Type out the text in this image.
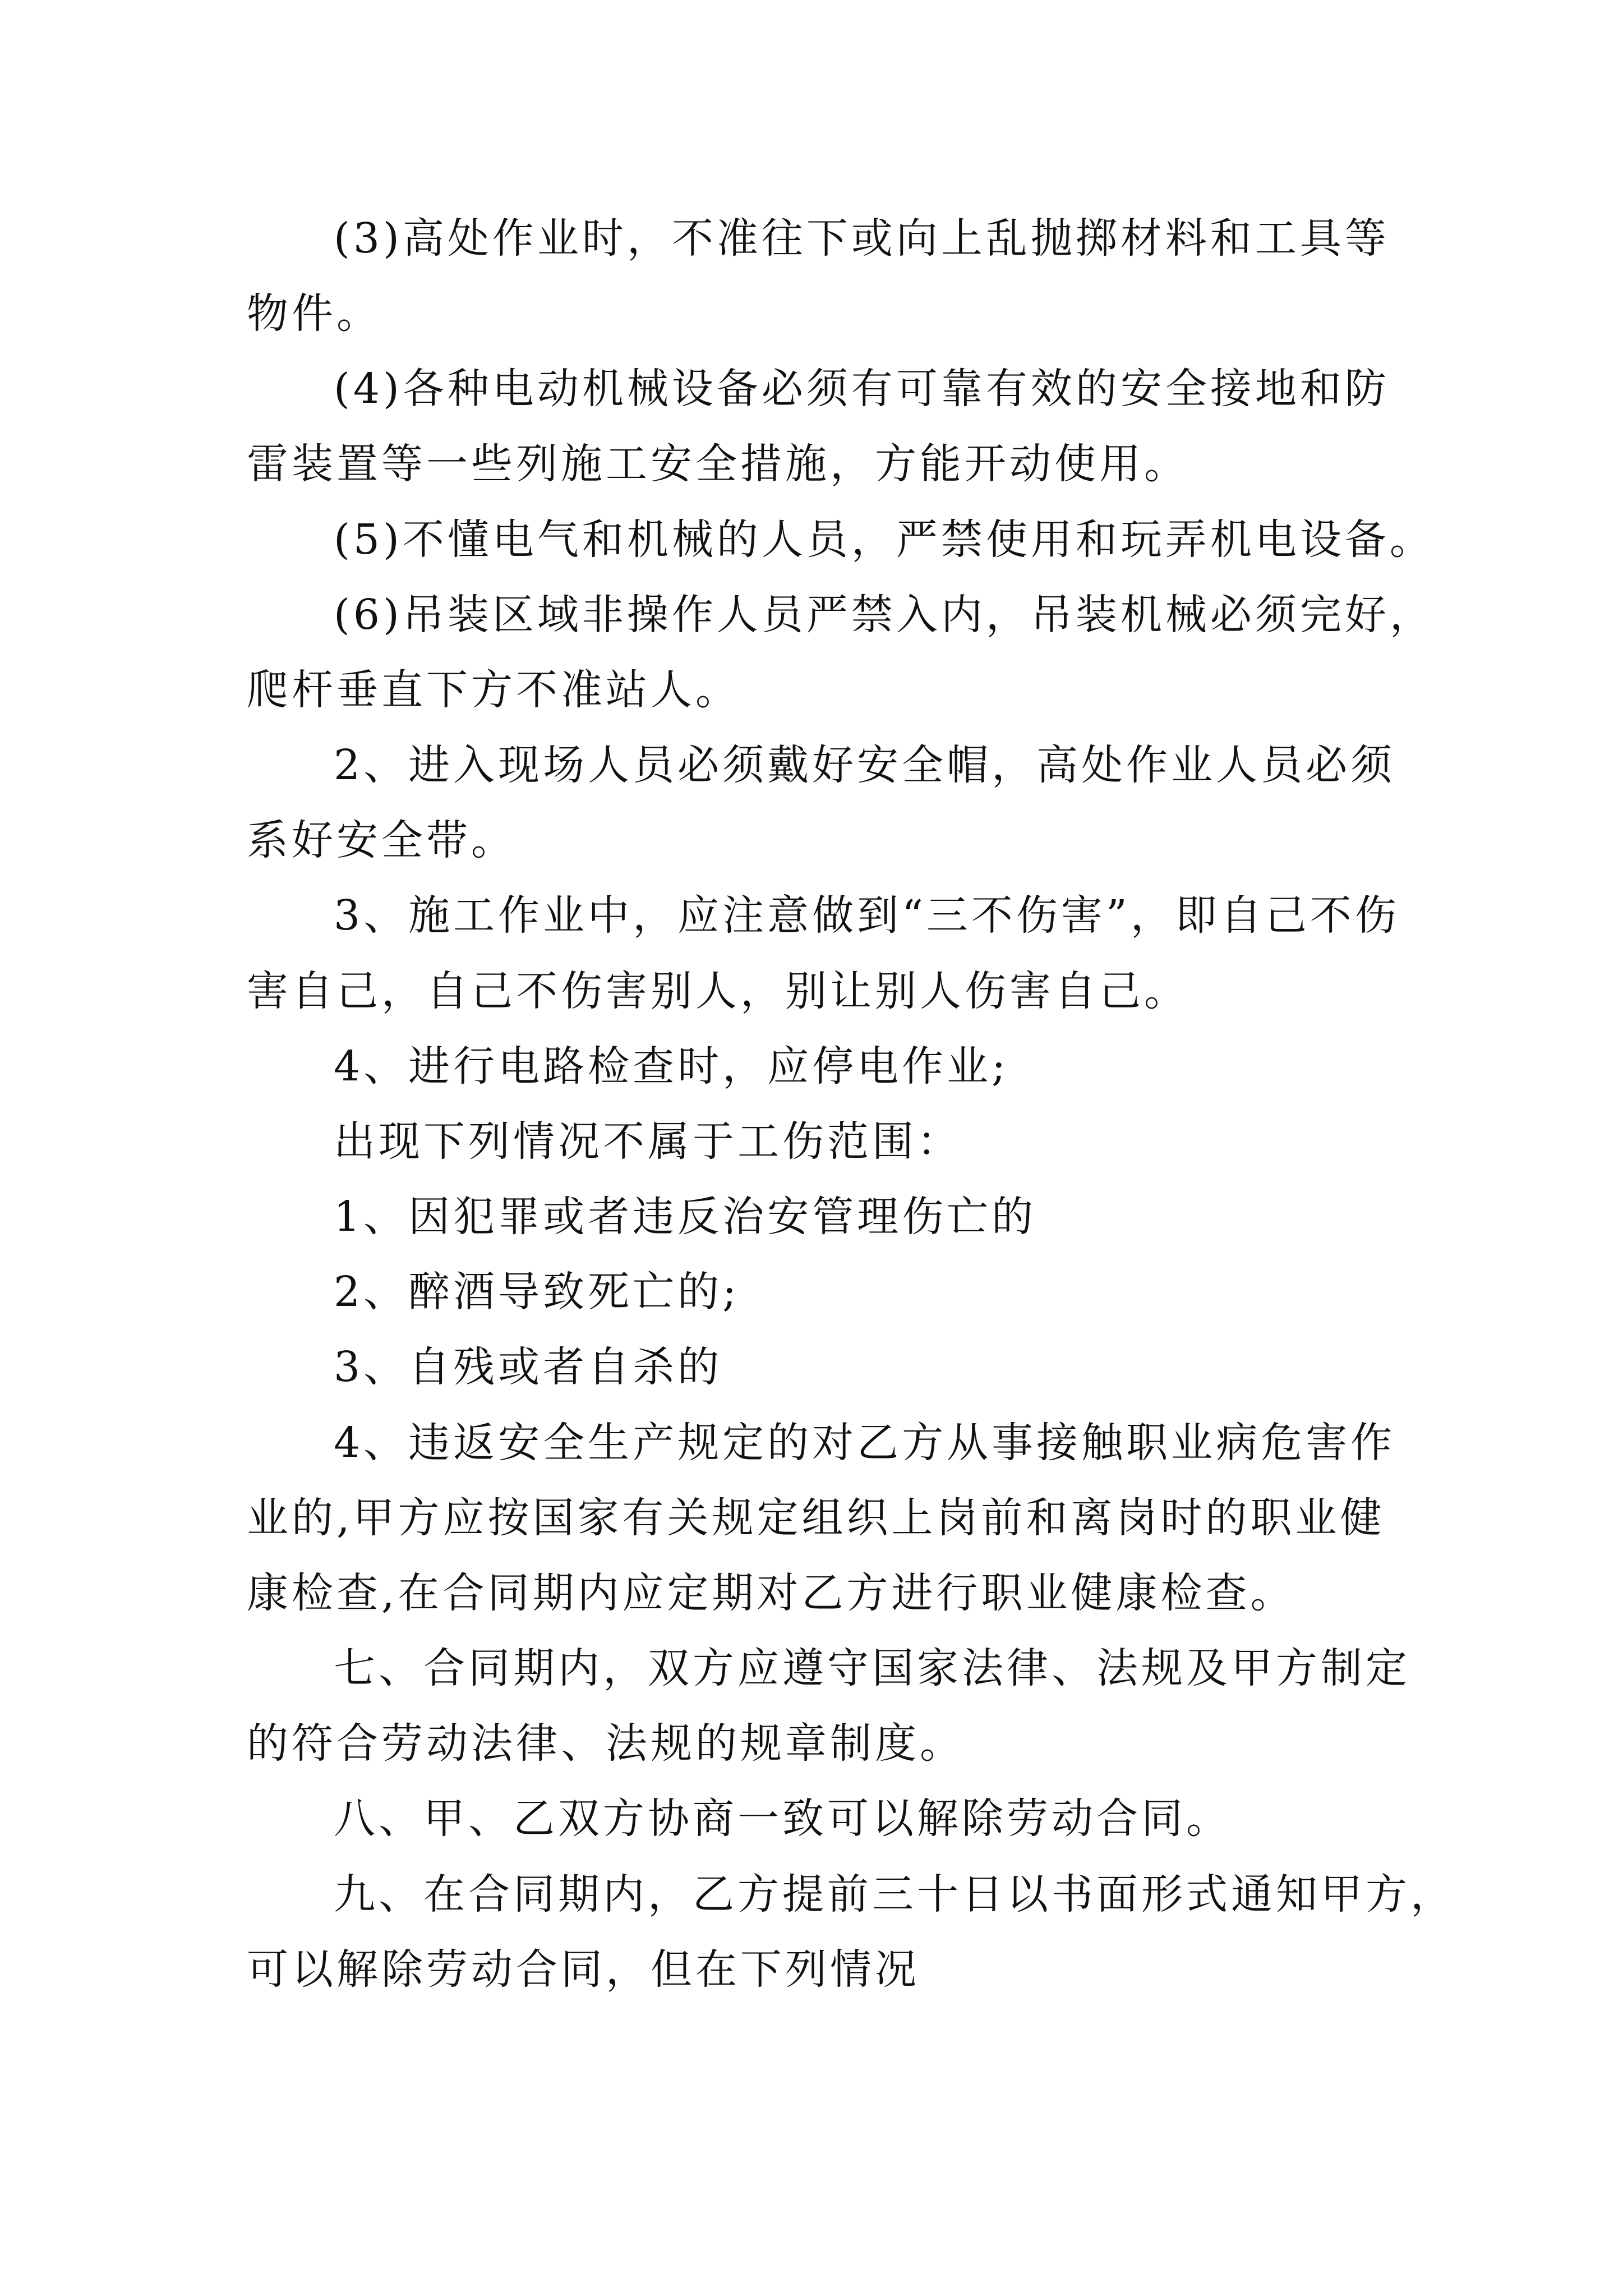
(3)高处作业时，不准往下或向上乱抛掷材料和工具等

物件。

(4)各种电动机械设备必须有可靠有效的安全接地和防

雷装置等一些列施工安全措施，方能开动使用。

(5)不懂电气和机械的人员，严禁使用和玩弄机电设备。

(6)吊装区域非操作人员严禁入内，吊装机械必须完好，

爬杆垂直下方不准站人。

2、进入现场人员必须戴好安全帽，高处作业人员必须

系好安全带。

3、施工作业中，应注意做到“三不伤害”，即自己不伤

害自己，自己不伤害别人，别让别人伤害自己。

4、进行电路检查时，应停电作业;

出现下列情况不属于工伤范围：

1、因犯罪或者违反治安管理伤亡的

2、醉酒导致死亡的;

3、自残或者自杀的

4、违返安全生产规定的对乙方从事接触职业病危害作

业的,甲方应按国家有关规定组织上岗前和离岗时的职业健

康检查,在合同期内应定期对乙方进行职业健康检查。

七、合同期内，双方应遵守国家法律、法规及甲方制定

的符合劳动法律、法规的规章制度。

八、甲、乙双方协商一致可以解除劳动合同。

九、在合同期内，乙方提前三十日以书面形式通知甲方，

可以解除劳动合同，但在下列情况
